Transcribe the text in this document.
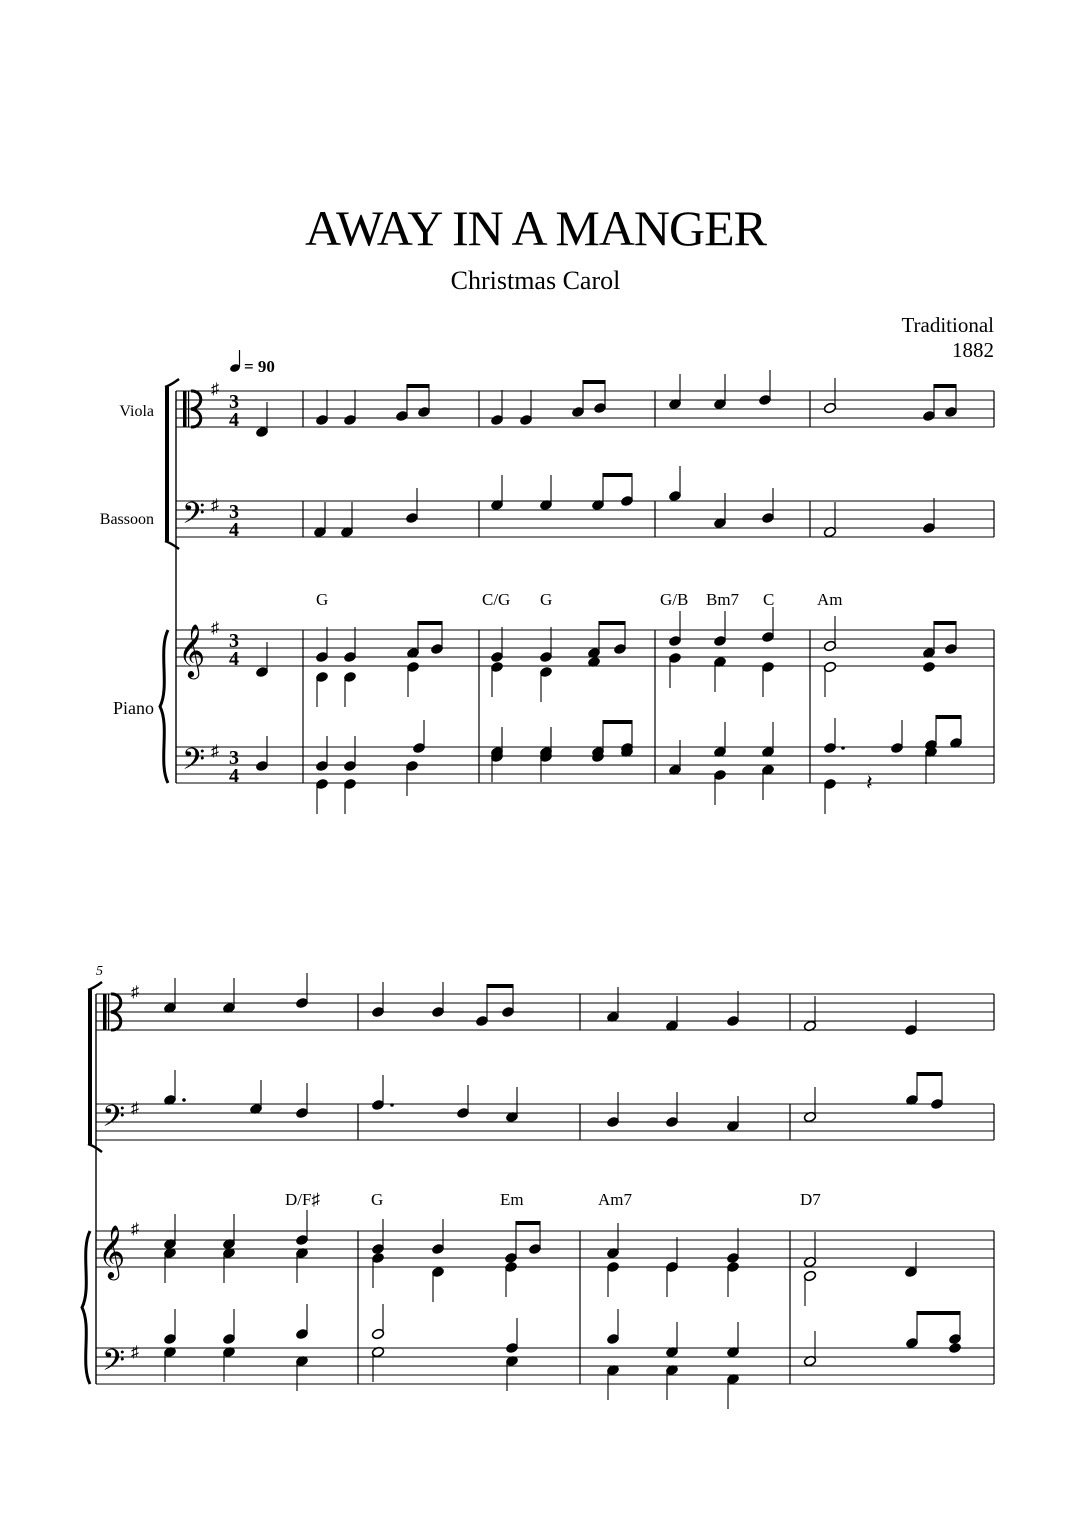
AWAY IN A MANGER
Christmas Carol
Traditional
1882
= 90
Viola
Bassoon
Piano
5
♯
3
4
𝄢 ♯ 3
4
𝄞 ♯
3
4
𝄢 ♯ 3
4	𝄽
G	C/G G	G/B Bm7 C	Am
♯
𝄢 ♯
𝄞 ♯
𝄢 ♯
D/F♯	G	Em	Am7	D7
